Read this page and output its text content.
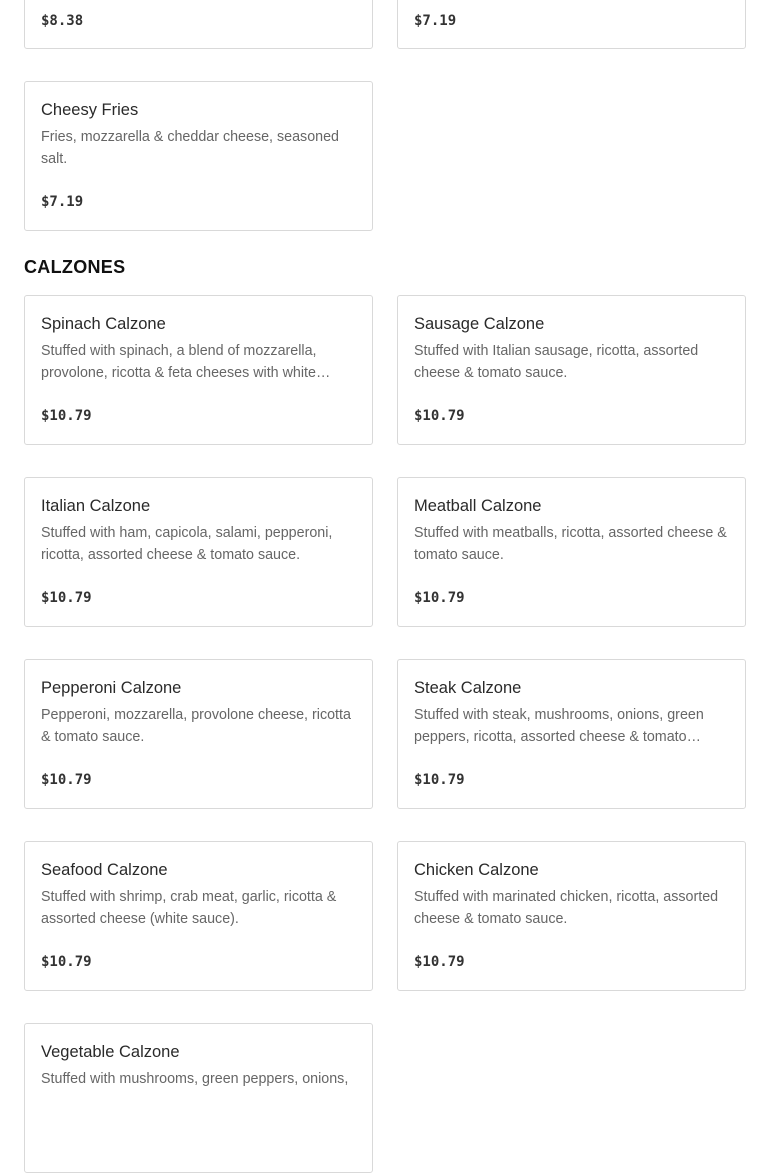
$8.38	$7.19
Cheesy Fries
Fries, mozzarella & cheddar cheese, seasoned salt.
$7.19
CALZONES
Spinach Calzone
Stuffed with spinach, a blend of mozzarella, provolone, ricotta & feta cheeses with white…
$10.79
Sausage Calzone
Stuffed with Italian sausage, ricotta, assorted cheese & tomato sauce.
$10.79
Italian Calzone
Stuffed with ham, capicola, salami, pepperoni, ricotta, assorted cheese & tomato sauce.
$10.79
Meatball Calzone
Stuffed with meatballs, ricotta, assorted cheese & tomato sauce.
$10.79
Pepperoni Calzone
Pepperoni, mozzarella, provolone cheese, ricotta & tomato sauce.
$10.79
Steak Calzone
Stuffed with steak, mushrooms, onions, green peppers, ricotta, assorted cheese & tomato…
$10.79
Seafood Calzone
Stuffed with shrimp, crab meat, garlic, ricotta & assorted cheese (white sauce).
$10.79
Chicken Calzone
Stuffed with marinated chicken, ricotta, assorted cheese & tomato sauce.
$10.79
Vegetable Calzone
Stuffed with mushrooms, green peppers, onions,
